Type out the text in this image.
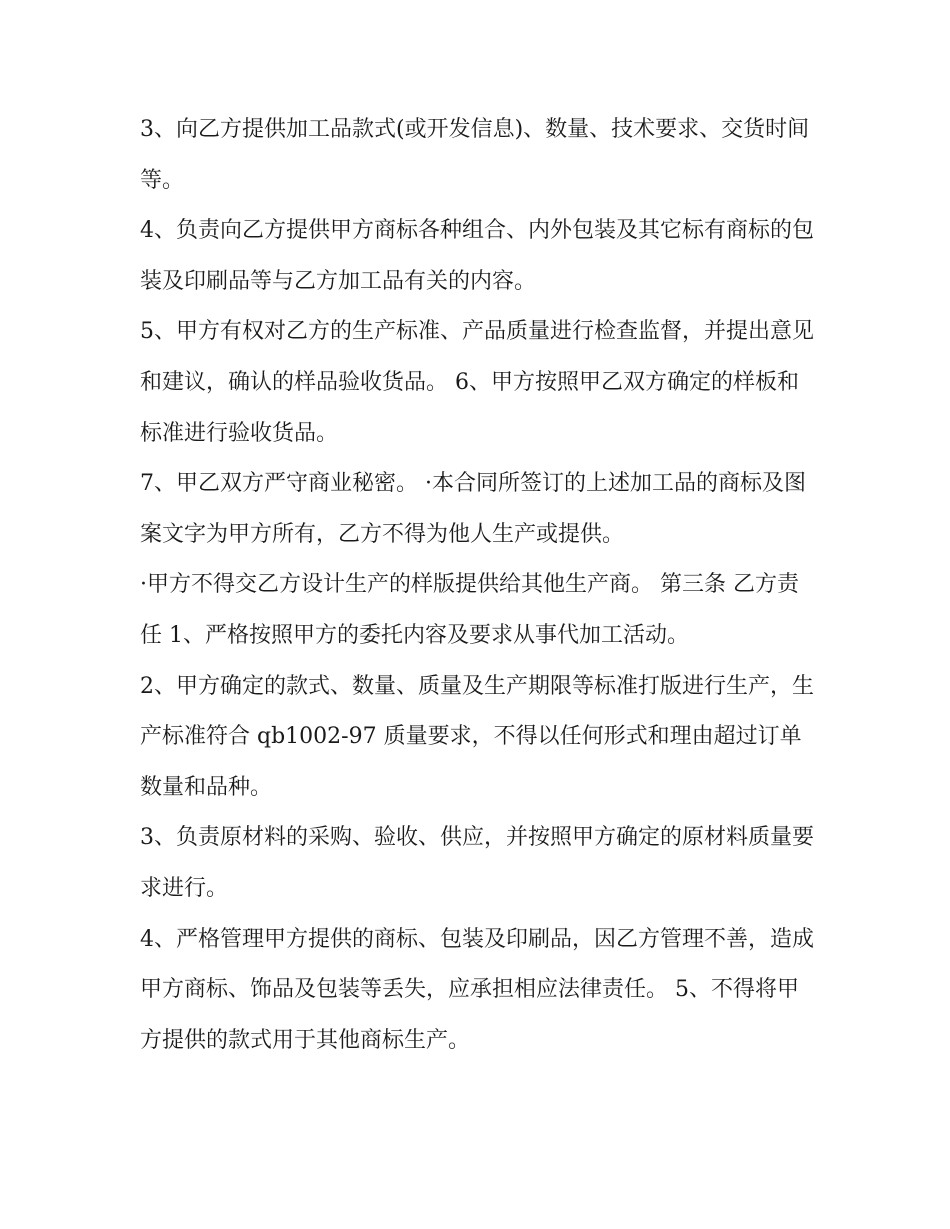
3、向乙方提供加工品款式(或开发信息)、数量、技术要求、交货时间等。

4、负责向乙方提供甲方商标各种组合、内外包装及其它标有商标的包装及印刷品等与乙方加工品有关的内容。

5、甲方有权对乙方的生产标准、产品质量进行检查监督，并提出意见和建议，确认的样品验收货品。 6、甲方按照甲乙双方确定的样板和标准进行验收货品。

7、甲乙双方严守商业秘密。 ·本合同所签订的上述加工品的商标及图案文字为甲方所有，乙方不得为他人生产或提供。

·甲方不得交乙方设计生产的样版提供给其他生产商。 第三条 乙方责任 1、严格按照甲方的委托内容及要求从事代加工活动。

2、甲方确定的款式、数量、质量及生产期限等标准打版进行生产，生产标准符合 qb1002-97 质量要求，不得以任何形式和理由超过订单数量和品种。

3、负责原材料的采购、验收、供应，并按照甲方确定的原材料质量要求进行。

4、严格管理甲方提供的商标、包装及印刷品，因乙方管理不善，造成甲方商标、饰品及包装等丢失，应承担相应法律责任。 5、不得将甲方提供的款式用于其他商标生产。
